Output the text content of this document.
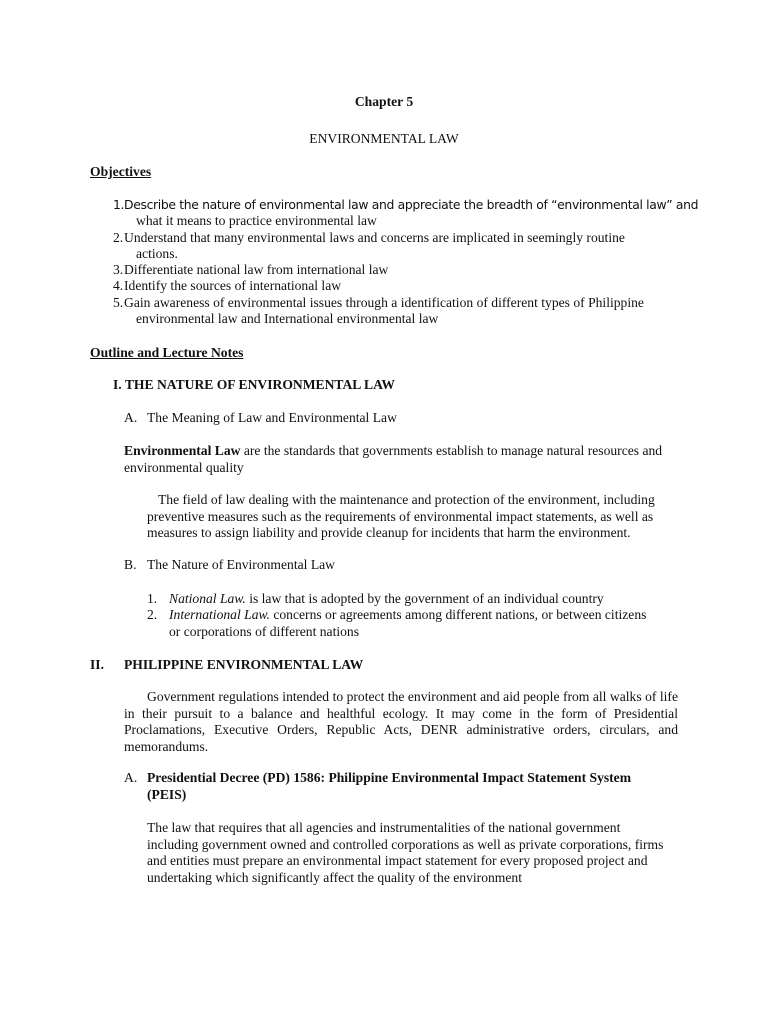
Chapter 5
ENVIRONMENTAL LAW
Objectives
1. Describe the nature of environmental law and appreciate the breadth of “environmental law” and
what it means to practice environmental law
2. Understand that many environmental laws and concerns are implicated in seemingly routine
actions.
3. Differentiate national law from international law
4. Identify the sources of international law
5. Gain awareness of environmental issues through a identification of different types of Philippine
environmental law and International environmental law
Outline and Lecture Notes
I. THE NATURE OF ENVIRONMENTAL LAW
A. The Meaning of Law and Environmental Law
Environmental Law are the standards that governments establish to manage natural resources and environmental quality
The field of law dealing with the maintenance and protection of the environment, including preventive measures such as the requirements of environmental impact statements, as well as measures to assign liability and provide cleanup for incidents that harm the environment.
B. The Nature of Environmental Law
1. National Law. is law that is adopted by the government of an individual country
2. International Law. concerns or agreements among different nations, or between citizens
or corporations of different nations
II. PHILIPPINE ENVIRONMENTAL LAW
Government regulations intended to protect the environment and aid people from all walks of life in their pursuit to a balance and healthful ecology. It may come in the form of Presidential Proclamations, Executive Orders, Republic Acts, DENR administrative orders, circulars, and memorandums.
A. Presidential Decree (PD) 1586: Philippine Environmental Impact Statement System
(PEIS)
The law that requires that all agencies and instrumentalities of the national government including government owned and controlled corporations as well as private corporations, firms and entities must prepare an environmental impact statement for every proposed project and undertaking which significantly affect the quality of the environment
